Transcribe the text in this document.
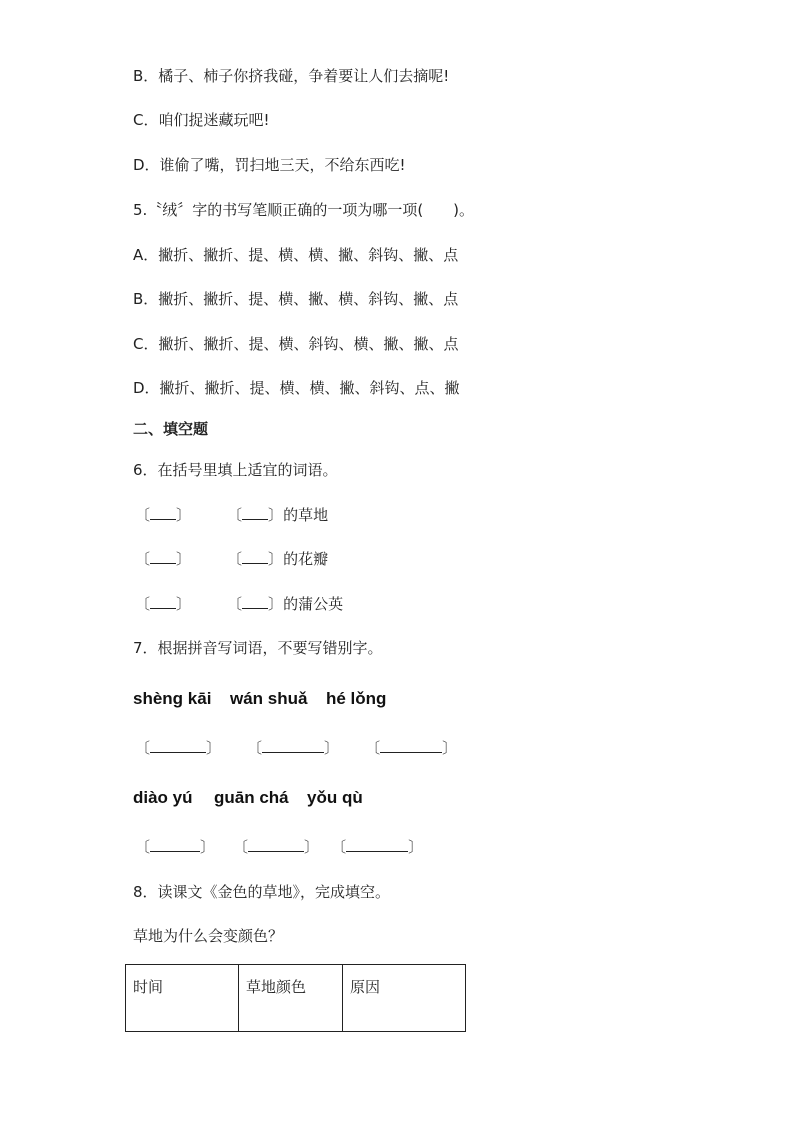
B．橘子、柿子你挤我碰，争着要让人们去摘呢!
C．咱们捉迷藏玩吧!
D．谁偷了嘴，罚扫地三天，不给东西吃!
5.〝绒〞字的书写笔顺正确的一项为哪一项(　　)。
A．撇折、撇折、提、横、横、撇、斜钩、撇、点
B．撇折、撇折、提、横、撇、横、斜钩、撇、点
C．撇折、撇折、提、横、斜钩、横、撇、撇、点
D．撇折、撇折、提、横、横、撇、斜钩、点、撇
二、填空题
6．在括号里填上适宜的词语。
〔 〕 〔 〕的草地
〔 〕 〔 〕的花瓣
〔 〕 〔 〕的蒲公英
7．根据拼音写词语，不要写错别字。
shèng kāi wán shuǎ hé lǒng
〔	〕 〔	〕 〔	〕
diào yú guān chá yǒu qù
〔	〕 〔	〕 〔	〕
8．读课文《金色的草地》，完成填空。
草地为什么会变颜色？
时间	草地颜色	原因
